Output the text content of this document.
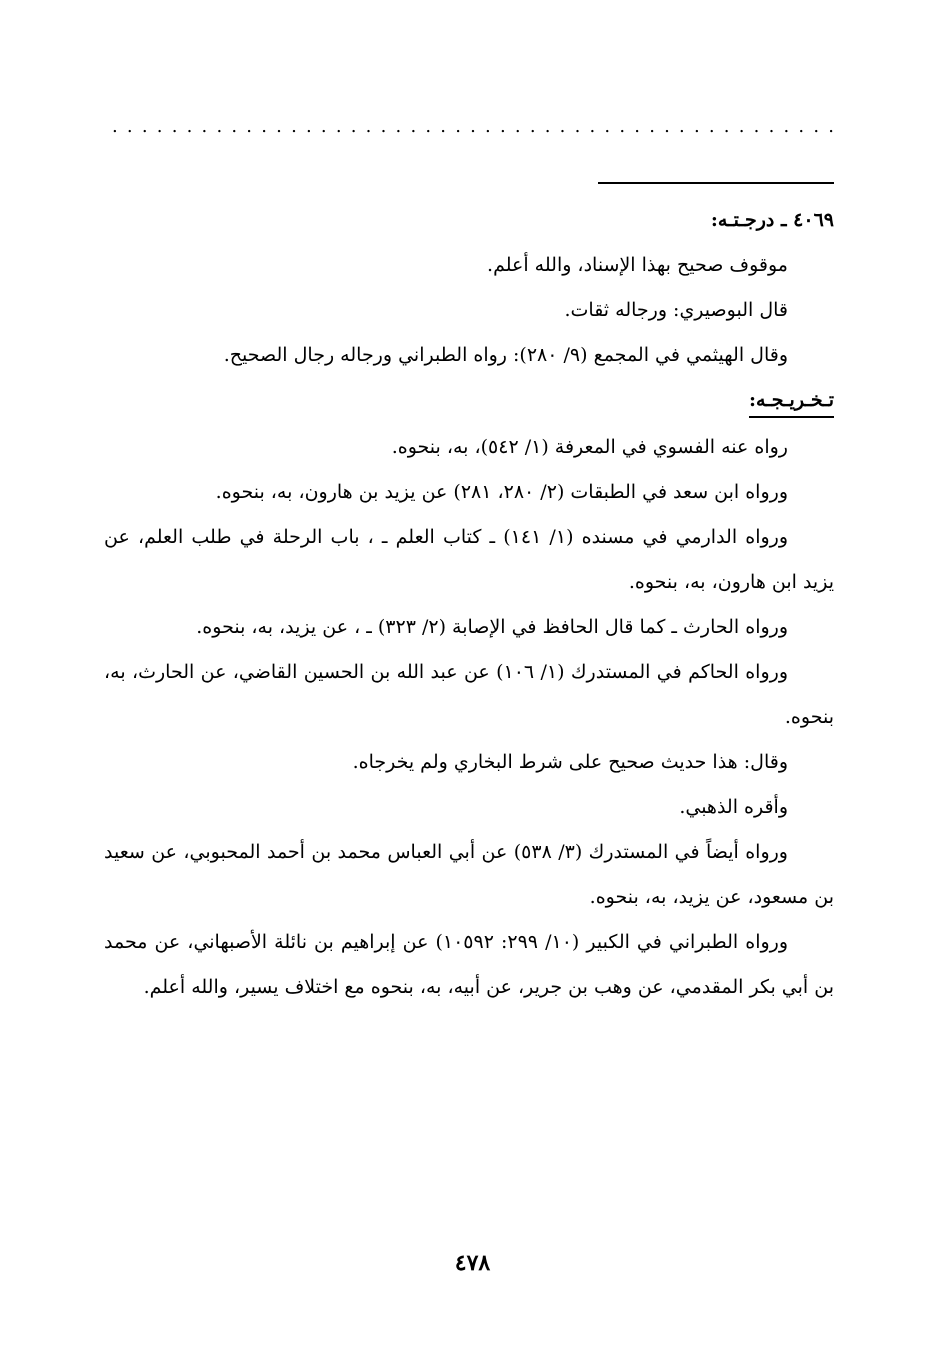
. . . . . . . . . . . . . . . . . . . . . . . . . . . . . . . . . . . . . . . . . . . . . . . . .

٤٠٦٩ ـ درجـتـه:

موقوف صحيح بهذا الإسناد، والله أعلم.

قال البوصيري: ورجاله ثقات.

وقال الهيثمي في المجمع (٩/ ٢٨٠): رواه الطبراني ورجاله رجال الصحيح.

تـخـريـجـه:

رواه عنه الفسوي في المعرفة (١/ ٥٤٢)، به، بنحوه.

ورواه ابن سعد في الطبقات (٢/ ٢٨٠، ٢٨١) عن يزيد بن هارون، به، بنحوه.

ورواه الدارمي في مسنده (١/ ١٤١) ـ كتاب العلم ـ ، باب الرحلة في طلب العلم، عن يزيد ابن هارون، به، بنحوه.

ورواه الحارث ـ كما قال الحافظ في الإصابة (٢/ ٣٢٣) ـ ، عن يزيد، به، بنحوه.

ورواه الحاكم في المستدرك (١/ ١٠٦) عن عبد الله بن الحسين القاضي، عن الحارث، به، بنحوه.

وقال: هذا حديث صحيح على شرط البخاري ولم يخرجاه.

وأقره الذهبي.

ورواه أيضاً في المستدرك (٣/ ٥٣٨) عن أبي العباس محمد بن أحمد المحبوبي، عن سعيد بن مسعود، عن يزيد، به، بنحوه.

ورواه الطبراني في الكبير (١٠/ ٢٩٩: ١٠٥٩٢) عن إبراهيم بن نائلة الأصبهاني، عن محمد بن أبي بكر المقدمي، عن وهب بن جرير، عن أبيه، به، بنحوه مع اختلاف يسير، والله أعلم.

٤٧٨
